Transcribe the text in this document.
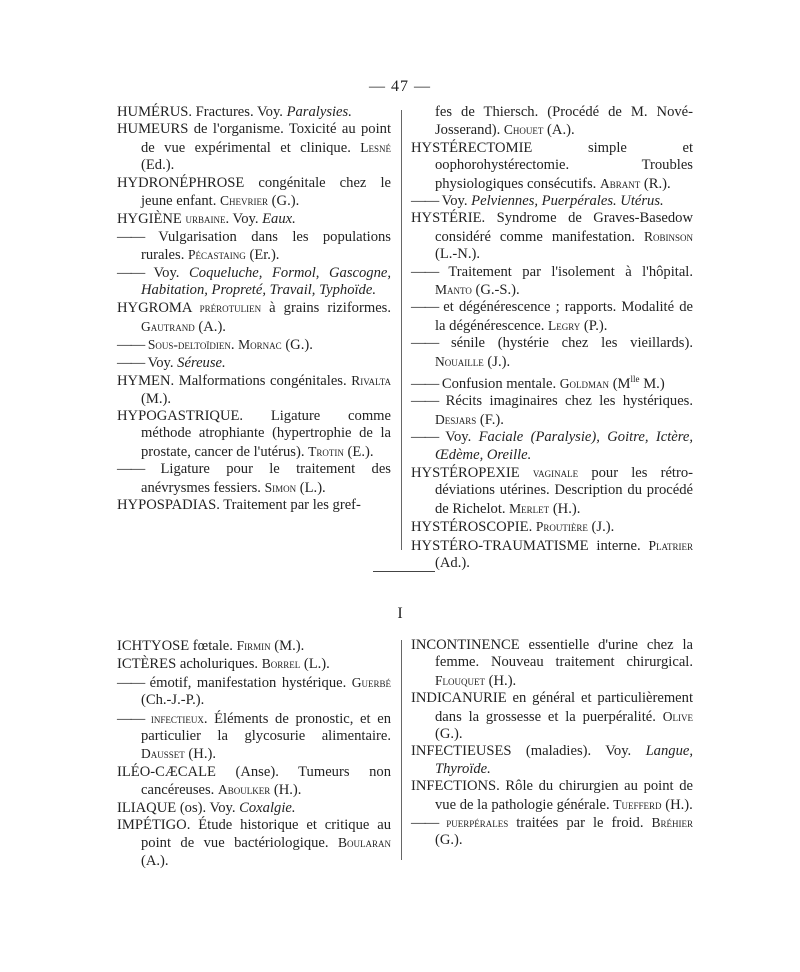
— 47 —

HUMÉRUS. Fractures. Voy. Paralysies.

HUMEURS de l'organisme. Toxicité au point de vue expérimental et clinique. Lesné (Ed.).

HYDRONÉPHROSE congénitale chez le jeune enfant. Chevrier (G.).

HYGIÈNE urbaine. Voy. Eaux.

—— Vulgarisation dans les populations rurales. Pécastaing (Er.).

—— Voy. Coqueluche, Formol, Gascogne, Habitation, Propreté, Travail, Typhoïde.

HYGROMA prérotulien à grains riziformes. Gautrand (A.).

—— Sous-deltoïdien. Mornac (G.).

—— Voy. Séreuse.

HYMEN. Malformations congénitales. Rivalta (M.).

HYPOGASTRIQUE. Ligature comme méthode atrophiante (hypertrophie de la prostate, cancer de l'utérus). Trotin (E.).

—— Ligature pour le traitement des anévrysmes fessiers. Simon (L.).

HYPOSPADIAS. Traitement par les gref-

fes de Thiersch. (Procédé de M. Nové-Josserand). Chouet (A.).

HYSTÉRECTOMIE simple et oophorohystérectomie. Troubles physiologiques consécutifs. Abrant (R.).

—— Voy. Pelviennes, Puerpérales. Utérus.

HYSTÉRIE. Syndrome de Graves-Basedow considéré comme manifestation. Robinson (L.-N.).

—— Traitement par l'isolement à l'hôpital. Manto (G.-S.).

—— et dégénérescence ; rapports. Modalité de la dégénérescence. Legry (P.).

—— sénile (hystérie chez les vieillards). Nouaille (J.).

—— Confusion mentale. Goldman ($M^{lle}$ M.)

—— Récits imaginaires chez les hystériques. Desjars (F.).

—— Voy. Faciale (Paralysie), Goitre, Ictère, Œdème, Oreille.

HYSTÉROPEXIE vaginale pour les rétro-déviations utérines. Description du procédé de Richelot. Merlet (H.).

HYSTÉROSCOPIE. Proutière (J.).

HYSTÉRO-TRAUMATISME interne. Platrier (Ad.).

I

ICHTYOSE fœtale. Firmin (M.).

ICTÈRES acholuriques. Borrel (L.).

—— émotif, manifestation hystérique. Guerbé (Ch.-J.-P.).

—— infectieux. Éléments de pronostic, et en particulier la glycosurie alimentaire. Dausset (H.).

ILÉO-CÆCALE (Anse). Tumeurs non cancéreuses. Aboulker (H.).

ILIAQUE (os). Voy. Coxalgie.

IMPÉTIGO. Étude historique et critique au point de vue bactériologique. Boularan (A.).

INCONTINENCE essentielle d'urine chez la femme. Nouveau traitement chirurgical. Flouquet (H.).

INDICANURIE en général et particulièrement dans la grossesse et la puerpéralité. Olive (G.).

INFECTIEUSES (maladies). Voy. Langue, Thyroïde.

INFECTIONS. Rôle du chirurgien au point de vue de la pathologie générale. Tuefferd (H.).

—— puerpérales traitées par le froid. Bréhier (G.).
